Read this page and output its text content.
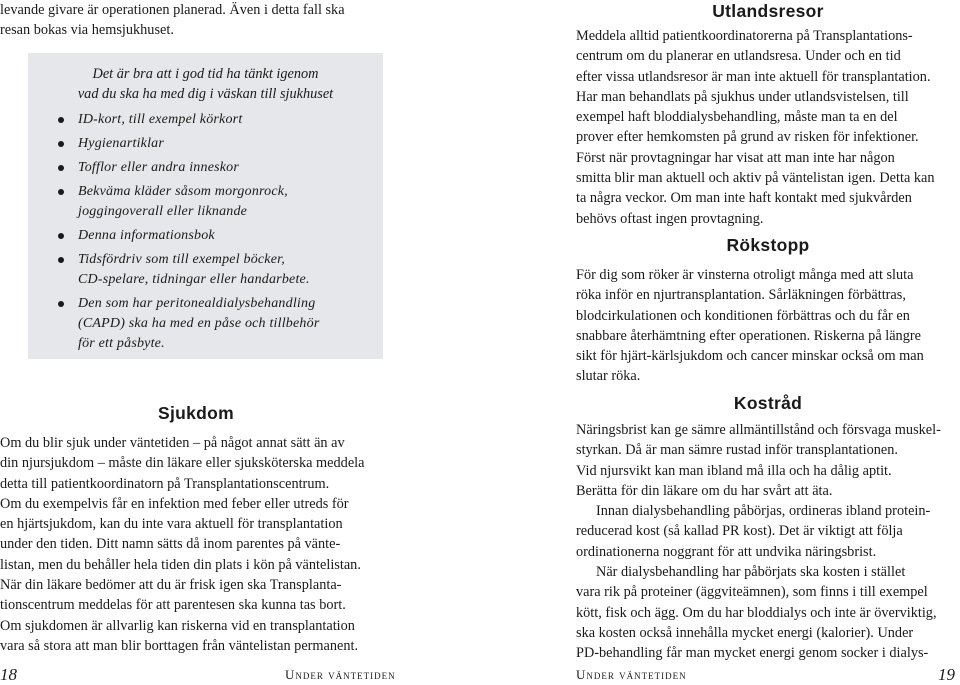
levande givare är operationen planerad. Även i detta fall ska

resan bokas via hemsjukhuset.

Det är bra att i god tid ha tänkt igenom
vad du ska ha med dig i väskan till sjukhuset
ID-kort, till exempel körkort
Hygienartiklar
Tofflor eller andra inneskor
Bekväma kläder såsom morgonrock,
joggingoverall eller liknande
Denna informationsbok
Tidsfördriv som till exempel böcker,
CD-spelare, tidningar eller handarbete.
Den som har peritonealdialysbehandling
(CAPD) ska ha med en påse och tillbehör
för ett påsbyte.
Sjukdom

Om du blir sjuk under väntetiden – på något annat sätt än av

din njursjukdom – måste din läkare eller sjuksköterska meddela

detta till patientkoordinatorn på Transplantationscentrum.

Om du exempelvis får en infektion med feber eller utreds för

en hjärtsjukdom, kan du inte vara aktuell för transplantation

under den tiden. Ditt namn sätts då inom parentes på vänte-

listan, men du behåller hela tiden din plats i kön på väntelistan.

När din läkare bedömer att du är frisk igen ska Transplanta-

tionscentrum meddelas för att parentesen ska kunna tas bort.

Om sjukdomen är allvarlig kan riskerna vid en transplantation

vara så stora att man blir borttagen från väntelistan permanent.

18	Under väntetiden
Utlandsresor

Meddela alltid patientkoordinatorerna på Transplantations-

centrum om du planerar en utlandsresa. Under och en tid

efter vissa utlandsresor är man inte aktuell för transplantation.

Har man behandlats på sjukhus under utlandsvistelsen, till

exempel haft bloddialysbehandling, måste man ta en del

prover efter hemkomsten på grund av risken för infektioner.

Först när provtagningar har visat att man inte har någon

smitta blir man aktuell och aktiv på väntelistan igen. Detta kan

ta några veckor. Om man inte haft kontakt med sjukvården

behövs oftast ingen provtagning.

Rökstopp

För dig som röker är vinsterna otroligt många med att sluta

röka inför en njurtransplantation. Sårläkningen förbättras,

blodcirkulationen och konditionen förbättras och du får en

snabbare återhämtning efter operationen. Riskerna på längre

sikt för hjärt-kärlsjukdom och cancer minskar också om man

slutar röka.

Kostråd

Näringsbrist kan ge sämre allmäntillstånd och försvaga muskel-

styrkan. Då är man sämre rustad inför transplantationen.

Vid njursvikt kan man ibland må illa och ha dålig aptit.

Berätta för din läkare om du har svårt att äta.

Innan dialysbehandling påbörjas, ordineras ibland protein-

reducerad kost (så kallad PR kost). Det är viktigt att följa

ordinationerna noggrant för att undvika näringsbrist.

När dialysbehandling har påbörjats ska kosten i stället

vara rik på proteiner (äggviteämnen), som finns i till exempel

kött, fisk och ägg. Om du har bloddialys och inte är överviktig,

ska kosten också innehålla mycket energi (kalorier). Under

PD-behandling får man mycket energi genom socker i dialys-

Under väntetiden	19
